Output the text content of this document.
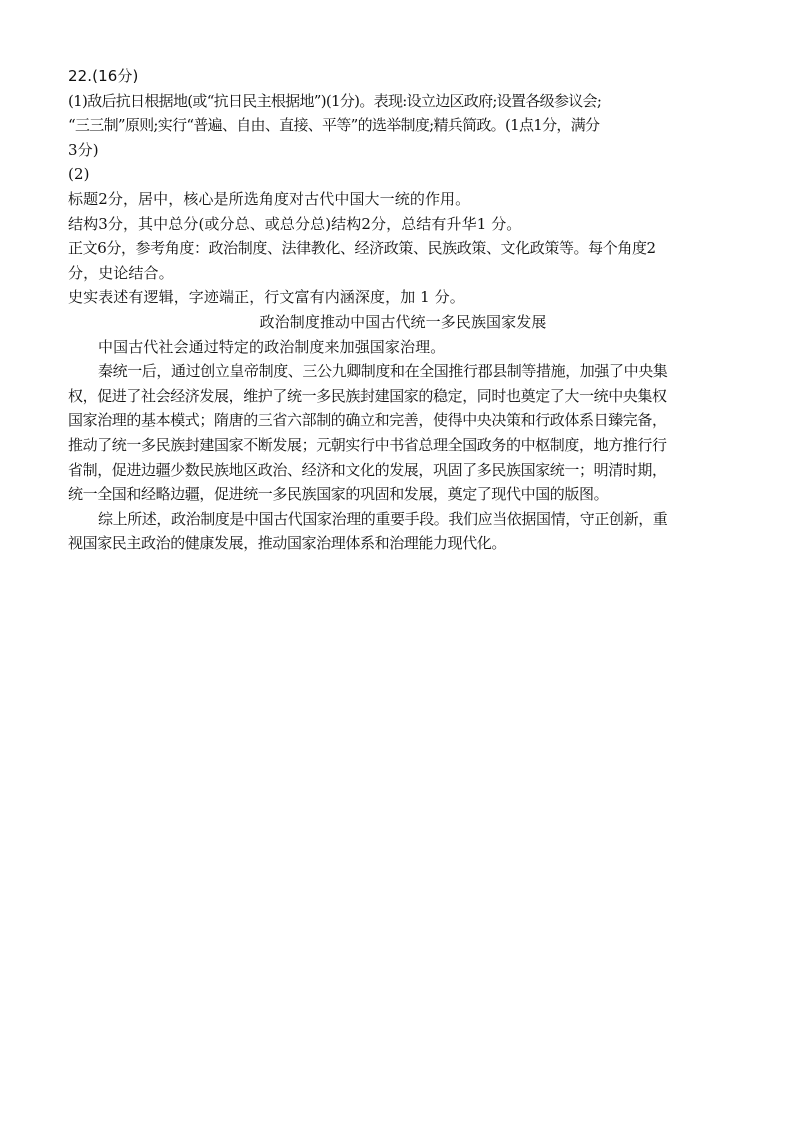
22.(16分)
(1)敌后抗日根据地(或“抗日民主根据地”)(1分)。表现:设立边区政府;设置各级参议会;
“三三制”原则;实行“普遍、自由、直接、平等”的选举制度;精兵简政。(1点1分，满分
3分)
(2)
标题2分，居中，核心是所选角度对古代中国大一统的作用。
结构3分，其中总分(或分总、或总分总)结构2分，总结有升华1 分。
正文6分，参考角度：政治制度、法律教化、经济政策、民族政策、文化政策等。每个角度2
分，史论结合。
史实表述有逻辑，字迹端正，行文富有内涵深度，加 1 分。
政治制度推动中国古代统一多民族国家发展
中国古代社会通过特定的政治制度来加强国家治理。
秦统一后，通过创立皇帝制度、三公九卿制度和在全国推行郡县制等措施，加强了中央集
权，促进了社会经济发展，维护了统一多民族封建国家的稳定，同时也奠定了大一统中央集权
国家治理的基本模式；隋唐的三省六部制的确立和完善，使得中央决策和行政体系日臻完备，
推动了统一多民族封建国家不断发展；元朝实行中书省总理全国政务的中枢制度，地方推行行
省制，促进边疆少数民族地区政治、经济和文化的发展，巩固了多民族国家统一；明清时期，
统一全国和经略边疆，促进统一多民族国家的巩固和发展，奠定了现代中国的版图。
综上所述，政治制度是中国古代国家治理的重要手段。我们应当依据国情，守正创新，重
视国家民主政治的健康发展，推动国家治理体系和治理能力现代化。
